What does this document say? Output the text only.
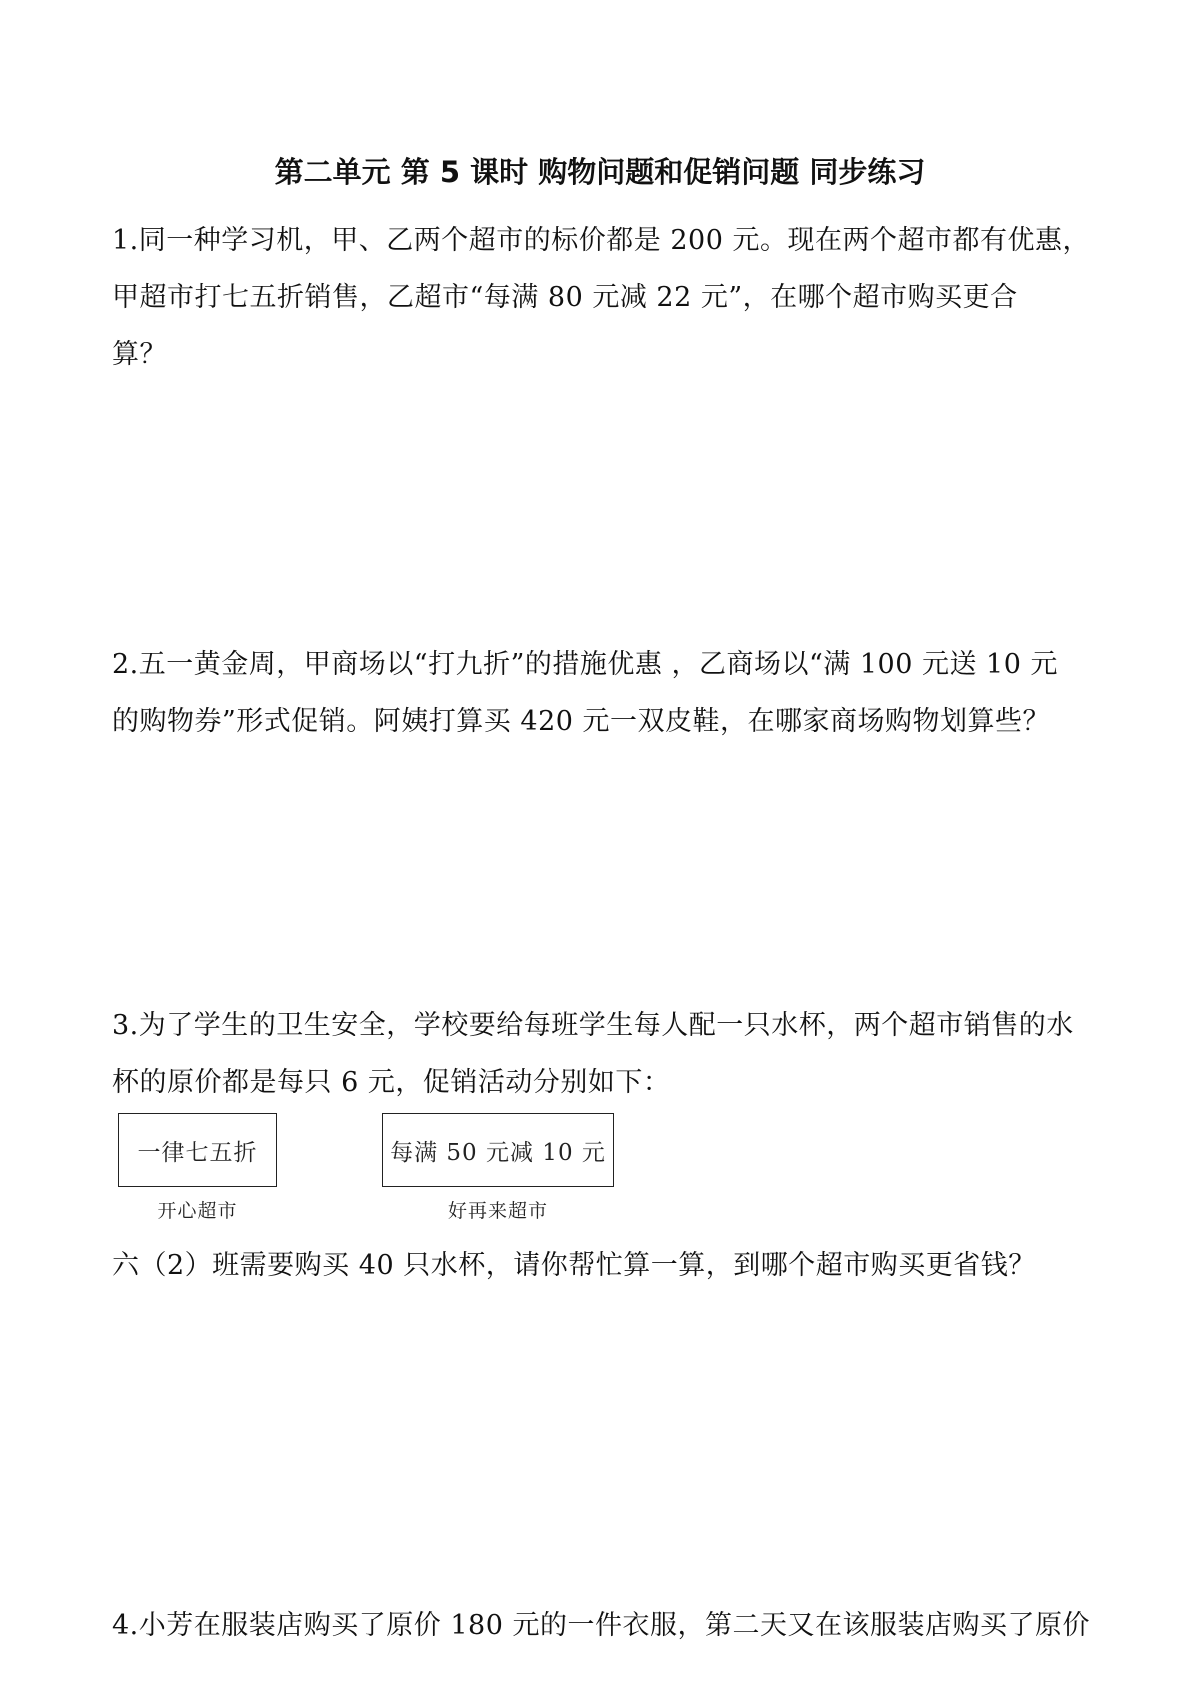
第二单元 第 5 课时 购物问题和促销问题 同步练习
1.同一种学习机，甲、乙两个超市的标价都是 200 元。现在两个超市都有优惠，
甲超市打七五折销售，乙超市“每满 80 元减 22 元”，在哪个超市购买更合
算？
2.五一黄金周，甲商场以“打九折”的措施优惠 ，乙商场以“满 100 元送 10 元
的购物券”形式促销。阿姨打算买 420 元一双皮鞋，在哪家商场购物划算些？
3.为了学生的卫生安全，学校要给每班学生每人配一只水杯，两个超市销售的水
杯的原价都是每只 6 元，促销活动分别如下：
一律七五折	每满 50 元减 10 元
开心超市	好再来超市
六（2）班需要购买 40 只水杯，请你帮忙算一算，到哪个超市购买更省钱？
4.小芳在服装店购买了原价 180 元的一件衣服，第二天又在该服装店购买了原价
